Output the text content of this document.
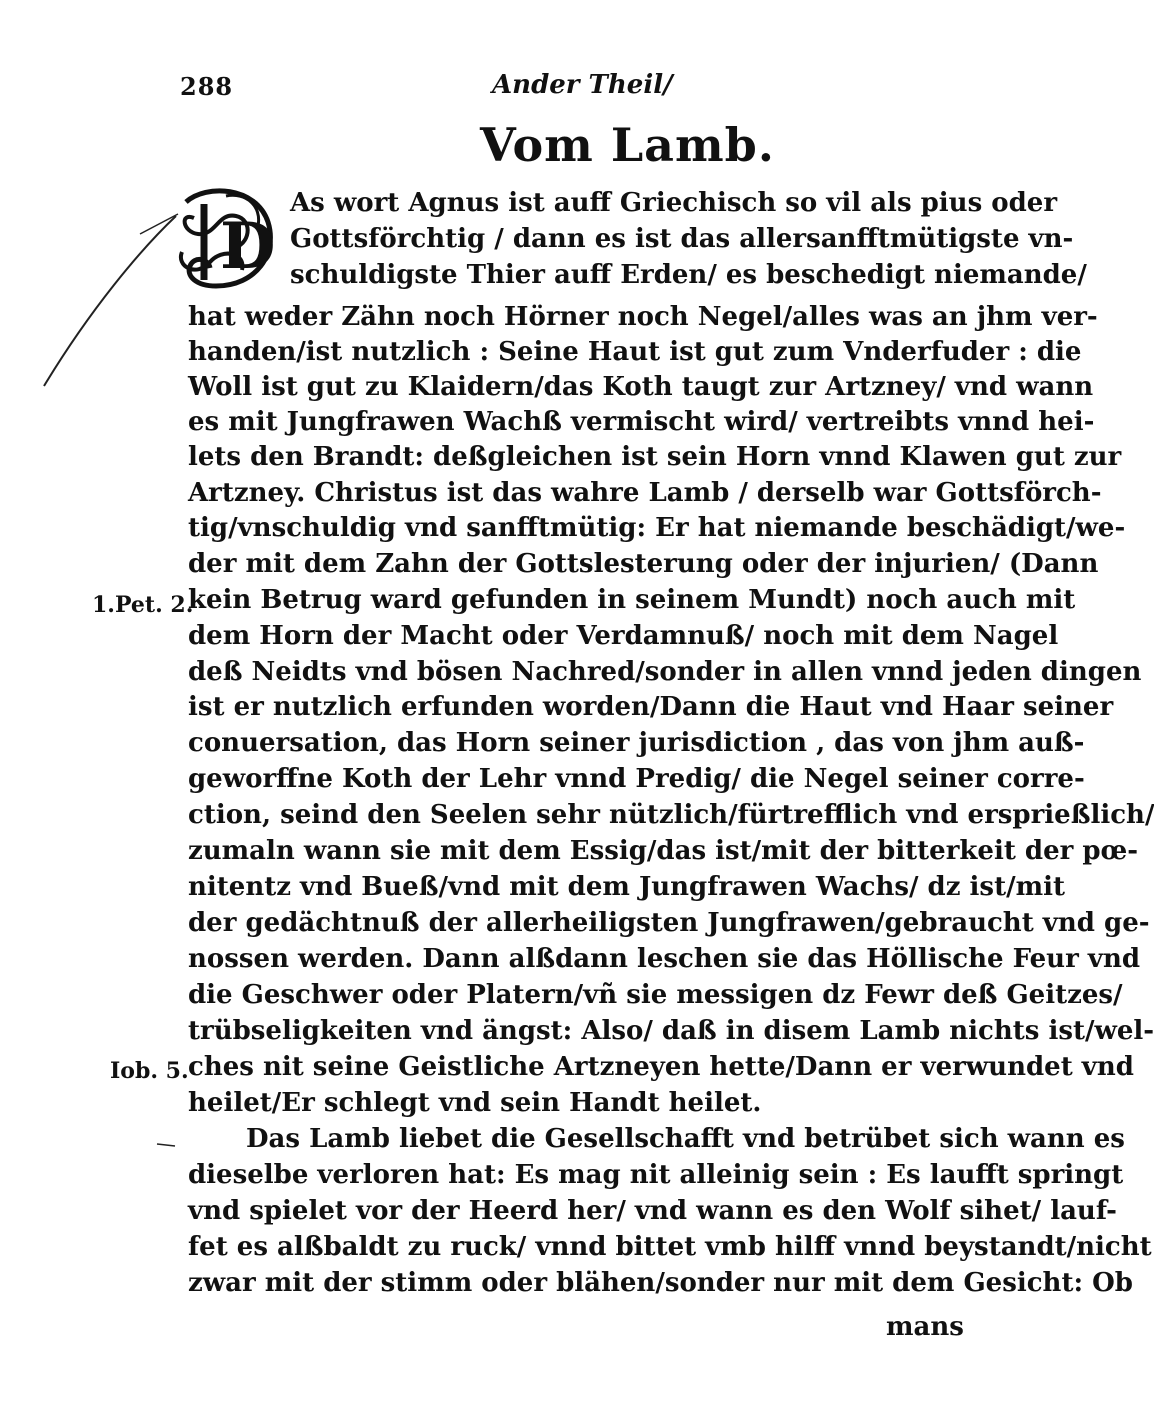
288	Ander Theil/
Vom Lamb.
D
As wort Agnus ist auff Griechisch so vil als pius oder
Gottsförchtig / dann es ist das allersanfftmütigste vn-
schuldigste Thier auff Erden/ es beschedigt niemande/
hat weder Zähn noch Hörner noch Negel/alles was an jhm ver-
handen/ist nutzlich : Seine Haut ist gut zum Vnderfuder : die
Woll ist gut zu Klaidern/das Koth taugt zur Artzney/ vnd wann
es mit Jungfrawen Wachß vermischt wird/ vertreibts vnnd hei-
lets den Brandt: deßgleichen ist sein Horn vnnd Klawen gut zur
Artzney. Christus ist das wahre Lamb / derselb war Gottsförch-
tig/vnschuldig vnd sanfftmütig: Er hat niemande beschädigt/we-
der mit dem Zahn der Gottslesterung oder der injurien/ (Dann
kein Betrug ward gefunden in seinem Mundt) noch auch mit
dem Horn der Macht oder Verdamnuß/ noch mit dem Nagel
deß Neidts vnd bösen Nachred/sonder in allen vnnd jeden dingen
ist er nutzlich erfunden worden/Dann die Haut vnd Haar seiner
conuersation, das Horn seiner jurisdiction , das von jhm auß-
geworffne Koth der Lehr vnnd Predig/ die Negel seiner corre-
ction, seind den Seelen sehr nützlich/fürtrefflich vnd ersprießlich/
zumaln wann sie mit dem Essig/das ist/mit der bitterkeit der pœ-
nitentz vnd Bueß/vnd mit dem Jungfrawen Wachs/ dz ist/mit
der gedächtnuß der allerheiligsten Jungfrawen/gebraucht vnd ge-
nossen werden. Dann alßdann leschen sie das Höllische Feur vnd
die Geschwer oder Platern/vñ sie messigen dz Fewr deß Geitzes/
trübseligkeiten vnd ängst: Also/ daß in disem Lamb nichts ist/wel-
ches nit seine Geistliche Artzneyen hette/Dann er verwundet vnd
heilet/Er schlegt vnd sein Handt heilet.
Das Lamb liebet die Gesellschafft vnd betrübet sich wann es
dieselbe verloren hat: Es mag nit alleinig sein : Es laufft springt
vnd spielet vor der Heerd her/ vnd wann es den Wolf sihet/ lauf-
fet es alßbaldt zu ruck/ vnnd bittet vmb hilff vnnd beystandt/nicht
zwar mit der stimm oder blähen/sonder nur mit dem Gesicht: Ob
1.Pet. 2.
Iob. 5.
mans
